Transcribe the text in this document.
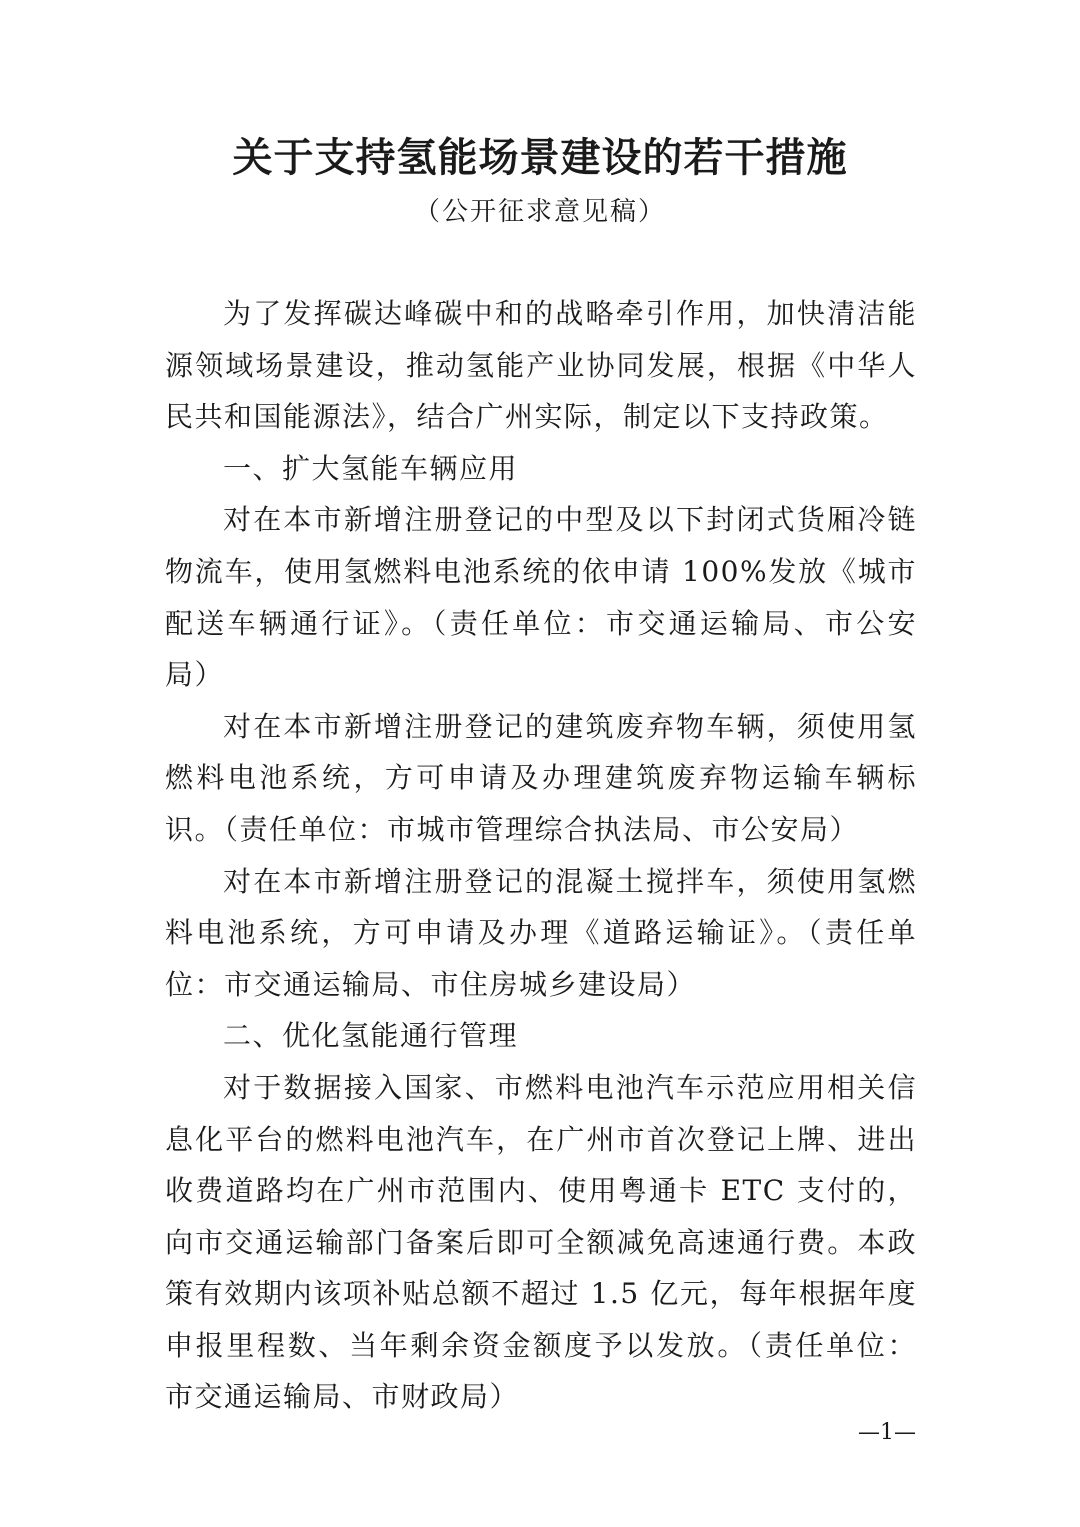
关于支持氢能场景建设的若干措施
（公开征求意见稿）

为了发挥碳达峰碳中和的战略牵引作用，加快清洁能源领域场景建设，推动氢能产业协同发展，根据《中华人民共和国能源法》，结合广州实际，制定以下支持政策。

一、扩大氢能车辆应用

对在本市新增注册登记的中型及以下封闭式货厢冷链物流车，使用氢燃料电池系统的依申请 100%发放《城市配送车辆通行证》。（责任单位：市交通运输局、市公安局）

对在本市新增注册登记的建筑废弃物车辆，须使用氢燃料电池系统，方可申请及办理建筑废弃物运输车辆标识。（责任单位：市城市管理综合执法局、市公安局）

对在本市新增注册登记的混凝土搅拌车，须使用氢燃料电池系统，方可申请及办理《道路运输证》。（责任单位：市交通运输局、市住房城乡建设局）

二、优化氢能通行管理

对于数据接入国家、市燃料电池汽车示范应用相关信息化平台的燃料电池汽车，在广州市首次登记上牌、进出收费道路均在广州市范围内、使用粤通卡 ETC 支付的，向市交通运输部门备案后即可全额减免高速通行费。本政策有效期内该项补贴总额不超过 1.5 亿元，每年根据年度申报里程数、当年剩余资金额度予以发放。（责任单位：市交通运输局、市财政局）

—1—
